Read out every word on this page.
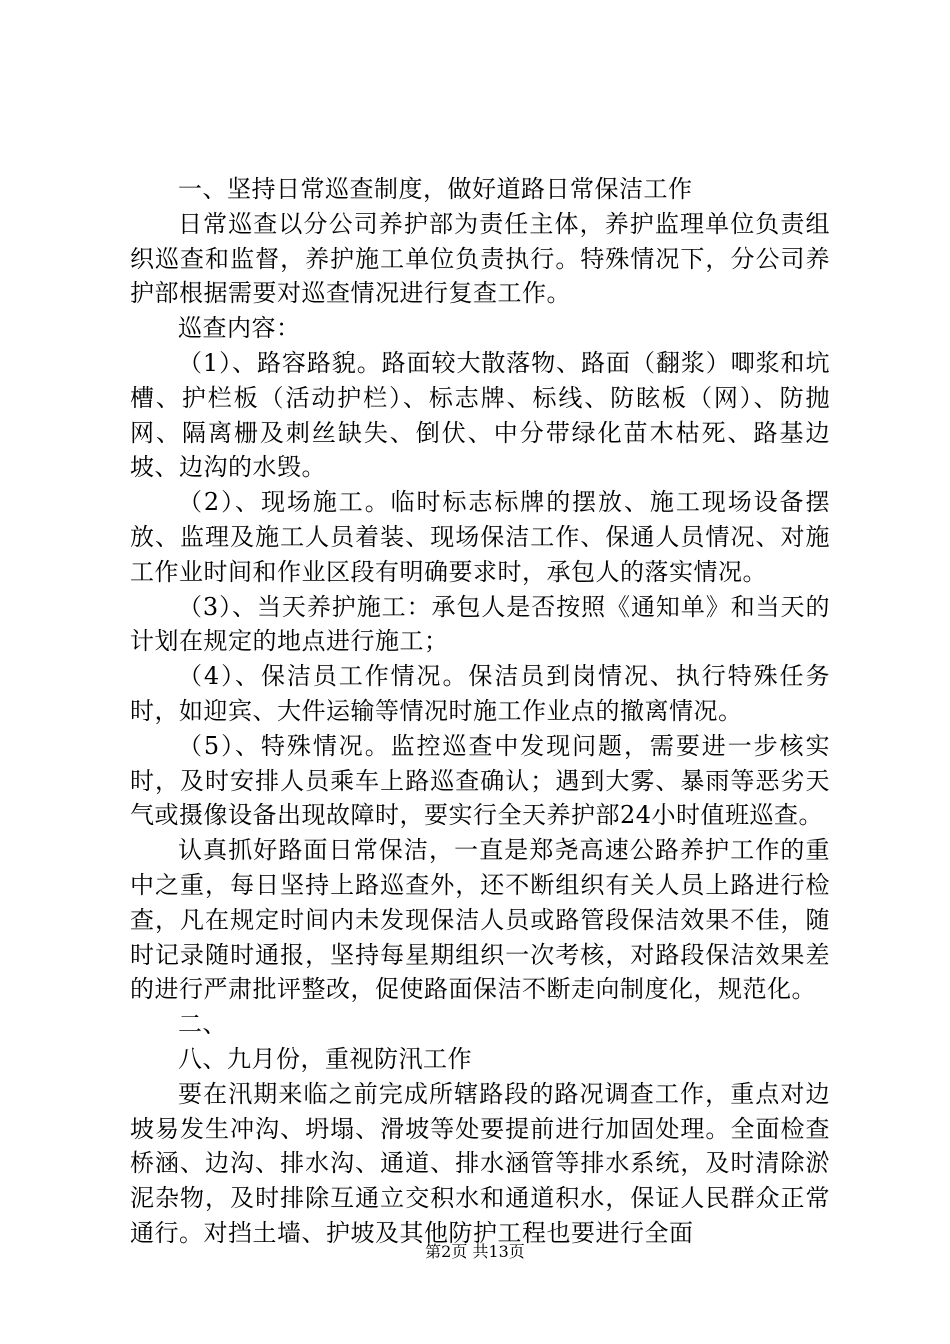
一、坚持日常巡查制度，做好道路日常保洁工作

日常巡查以分公司养护部为责任主体，养护监理单位负责组织巡查和监督，养护施工单位负责执行。特殊情况下，分公司养护部根据需要对巡查情况进行复查工作。

巡查内容：

（1）、路容路貌。路面较大散落物、路面（翻浆）唧浆和坑槽、护栏板（活动护栏）、标志牌、标线、防眩板（网）、防抛网、隔离栅及刺丝缺失、倒伏、中分带绿化苗木枯死、路基边坡、边沟的水毁。

（2）、现场施工。临时标志标牌的摆放、施工现场设备摆放、监理及施工人员着装、现场保洁工作、保通人员情况、对施工作业时间和作业区段有明确要求时，承包人的落实情况。

（3）、当天养护施工：承包人是否按照《通知单》和当天的计划在规定的地点进行施工；

（4）、保洁员工作情况。保洁员到岗情况、执行特殊任务时，如迎宾、大件运输等情况时施工作业点的撤离情况。

（5）、特殊情况。监控巡查中发现问题，需要进一步核实时，及时安排人员乘车上路巡查确认；遇到大雾、暴雨等恶劣天气或摄像设备出现故障时，要实行全天养护部24小时值班巡查。

认真抓好路面日常保洁，一直是郑尧高速公路养护工作的重中之重，每日坚持上路巡查外，还不断组织有关人员上路进行检查，凡在规定时间内未发现保洁人员或路管段保洁效果不佳，随时记录随时通报，坚持每星期组织一次考核，对路段保洁效果差的进行严肃批评整改，促使路面保洁不断走向制度化，规范化。

二、

八、九月份，重视防汛工作

要在汛期来临之前完成所辖路段的路况调查工作，重点对边坡易发生冲沟、坍塌、滑坡等处要提前进行加固处理。全面检查桥涵、边沟、排水沟、通道、排水涵管等排水系统，及时清除淤泥杂物，及时排除互通立交积水和通道积水，保证人民群众正常通行。对挡土墙、护坡及其他防护工程也要进行全面

第2页 共13页
